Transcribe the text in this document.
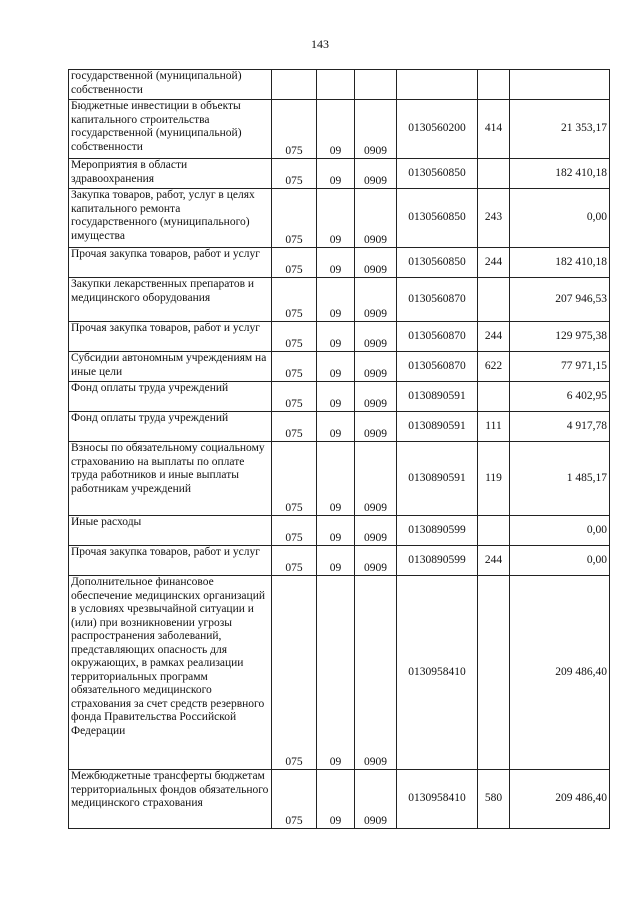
143
государственной (муниципальной) собственности						
Бюджетные инвестиции в объекты капитального строительства государственной (муниципальной) собственности	075	09	0909	0130560200	414	21 353,17
Мероприятия в области здравоохранения	075	09	0909	0130560850		182 410,18
Закупка товаров, работ, услуг в целях капитального ремонта государственного (муниципального) имущества	075	09	0909	0130560850	243	0,00
Прочая закупка товаров, работ и услуг	075	09	0909	0130560850	244	182 410,18
Закупки лекарственных препаратов и медицинского оборудования	075	09	0909	0130560870		207 946,53
Прочая закупка товаров, работ и услуг	075	09	0909	0130560870	244	129 975,38
Субсидии автономным учреждениям на иные цели	075	09	0909	0130560870	622	77 971,15
Фонд оплаты труда учреждений	075	09	0909	0130890591		6 402,95
Фонд оплаты труда учреждений	075	09	0909	0130890591	111	4 917,78
Взносы по обязательному социальному страхованию на выплаты по оплате труда работников и иные выплаты работникам учреждений	075	09	0909	0130890591	119	1 485,17
Иные расходы	075	09	0909	0130890599		0,00
Прочая закупка товаров, работ и услуг	075	09	0909	0130890599	244	0,00
Дополнительное финансовое обеспечение медицинских организаций в условиях чрезвычайной ситуации и (или) при возникновении угрозы распространения заболеваний, представляющих опасность для окружающих, в рамках реализации территориальных программ обязательного медицинского страхования за счет средств резервного фонда Правительства Российской Федерации	075	09	0909	0130958410		209 486,40
Межбюджетные трансферты бюджетам территориальных фондов обязательного медицинского страхования	075	09	0909	0130958410	580	209 486,40
